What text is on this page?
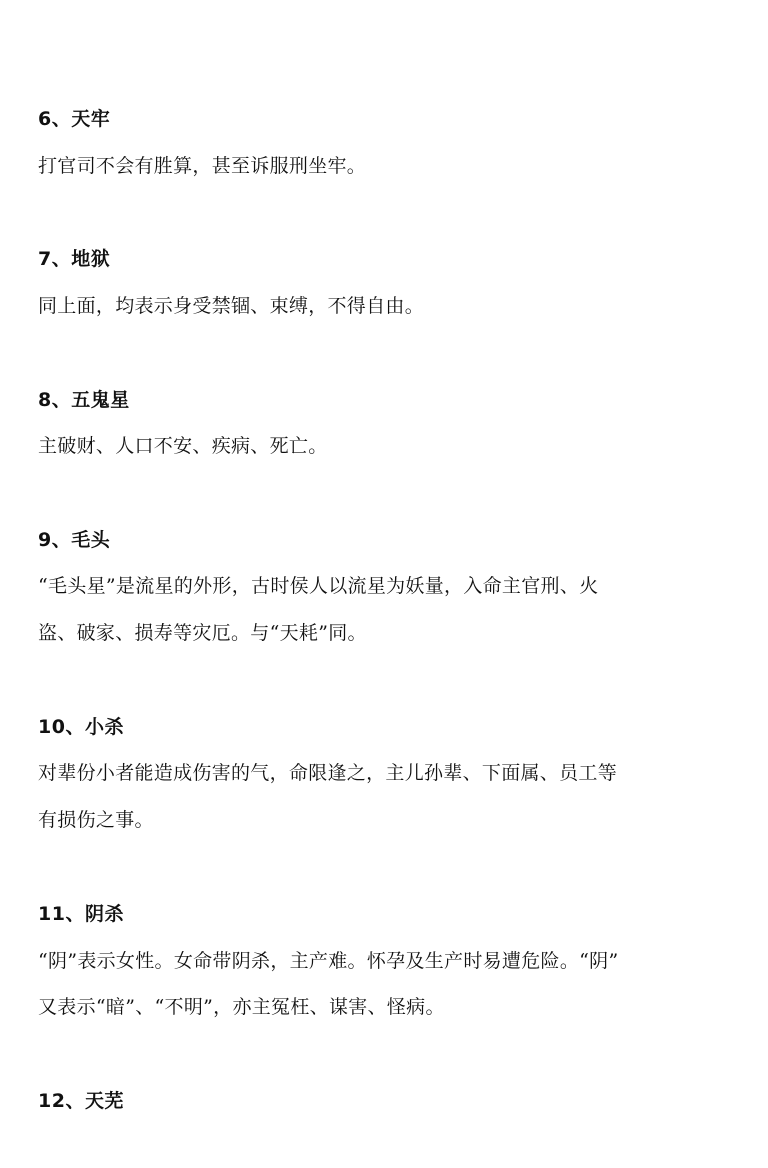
6、天牢
打官司不会有胜算，甚至诉服刑坐牢。
7、地狱
同上面，均表示身受禁锢、束缚，不得自由。
8、五鬼星
主破财、人口不安、疾病、死亡。
9、毛头
“毛头星”是流星的外形，古时侯人以流星为妖量，入命主官刑、火
盗、破家、损寿等灾厄。与“天耗”同。
10、小杀
对辈份小者能造成伤害的气，命限逢之，主儿孙辈、下面属、员工等
有损伤之事。
11、阴杀
“阴”表示女性。女命带阴杀，主产难。怀孕及生产时易遭危险。“阴”
又表示“暗”、“不明”，亦主冤枉、谋害、怪病。
12、天芜
